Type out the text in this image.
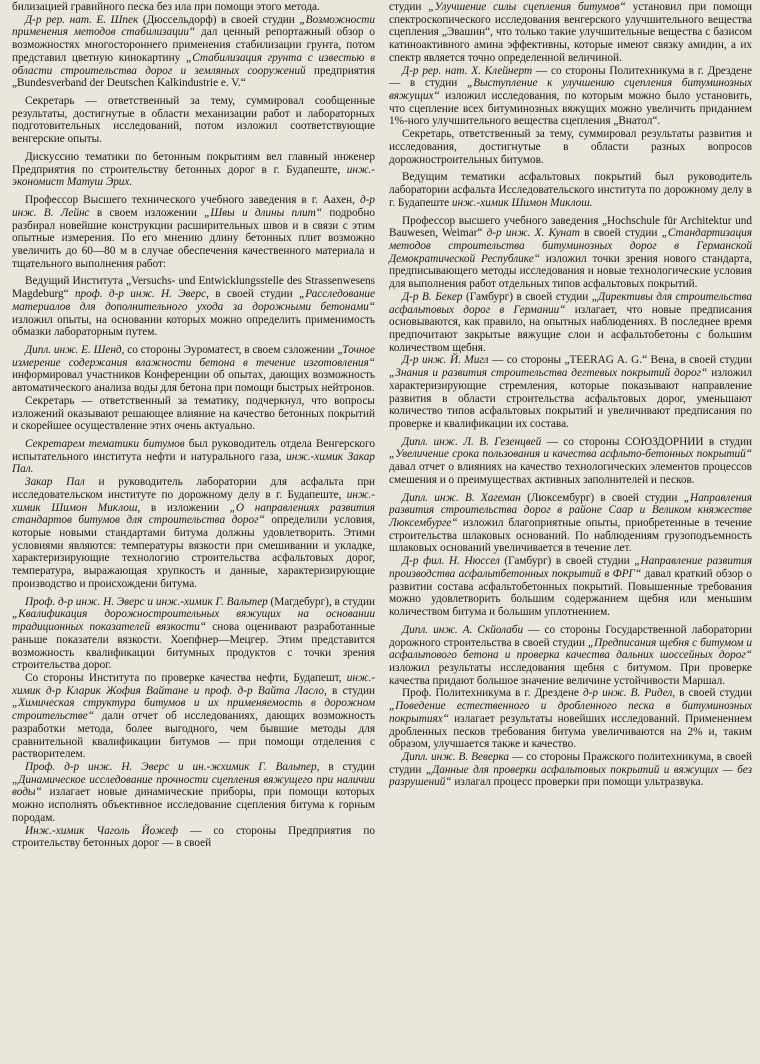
билизацией гравийного песка без ила при помощи этого метода.

Д-р рер. нат. Е. Шпек (Дюссельдорф) в своей студии „Возможности применения методов стабилизации“ дал ценный репортажный обзор о возможностях многостороннего применения стабилизации грунта, потом представил цветную кинокартину „Стабилизация грунта с известью в области строительства дорог и земляных сооружений предприятия „Bundesverband der Deutschen Kalkindustrie e. V.“

Секретарь — ответственный за тему, суммировал сообщенные результаты, достигнутые в области механизации работ и лабораторных подготовительных исследований, потом изложил соответствующие венгерские опыты.

Дискуссию тематики по бетонным покрытиям вел главный инженер Предприятия по строительству бетонных дорог в г. Будапеште, инж.-экономист Матуш Эрих.

Профессор Высшего технического учебного заведения в г. Аахен, д-р инж. В. Лейнс в своем изложении „Швы и длины плит“ подробно разбирал новейшие конструкции расширительных швов и в связи с этим опытные измерения. По его мнению длину бетонных плит возможно увеличить до 60—80 м в случае обеспечения качественного материала и тщательного выполнения работ:

Ведущий Института „Versuchs- und Entwicklungsstelle des Strassenwesens Magdeburg“ проф. д-р инж. Н. Эверс, в своей студии „Расследование материалов для дополнительного ухода за дорожными бетонами“ изложил опыты, на основании которых можно определить применимость обмазки лабораторным путем.

Дипл. инж. Е. Шенд, со стороны Эуроматест, в своем сзложении „Точное измерение содержания влажности бетона в течение изготовления“ информировал участников Конференции об опытах, дающих возможность автоматического анализа воды для бетона при помощи быстрых нейтронов.

Секретарь — ответственный за тематику, подчеркнул, что вопросы изложений оказывают решающее влияние на качество бетонных покрытий и скорейшее осуществление этих очень актуально.

Секретарем тематики битумов был руководитель отдела Венгерского испытательного института нефти и натурального газа, инж.-химик Закар Пал.

Закар Пал и руководитель лаборатории для асфальта при исследовательском институте по дорожному делу в г. Будапеште, инж.-химик Шимон Миклош, в изложении „О направлениях развития стандартов битумов для строительства дорог“ определили условия, которые новыми стандартами битума должны удовлетворить. Этими условиями являются: температуры вязкости при смешивании и укладке, характеризирующие технологию строительства асфальтовых дорог, температура, выражающая хрупкость и данные, характеризирующие производство и происхождени битума.

Проф. д-р инж. Н. Эверс и инж.-химик Г. Вальтер (Магдебург), в студии „Квалификация дорожностроительных вяжущих на основании традиционных показателей вязкости“ снова оценивают разработанные раньше показатели вязкости. Хоепфнер—Мецгер. Этим представится возможность квалификации битумных продуктов с точки зрения строительства дорог.

Со стороны Института по проверке качества нефти, Будапешт, инж.-химик д-р Кларик Жофия Вайтане и проф. д-р Вайта Ласло, в студии „Химическая структура битумов и их применяемость в дорожном строительстве“ дали отчет об исследованиях, дающих возможность разработки метода, более выгодного, чем бывшие методы для сравнительной квалификации битумов — при помощи отделения с растворителем.

Проф. д-р инж. Н. Эверс и ин.-жхимик Г. Вальтер, в студии „Динамическое исследование прочности сцепления вяжущего при наличии воды“ излагает новые динамические приборы, при помощи которых можно исполнять объективное исследование сцепления битума к горным породам.

Инж.-химик Чаголь Йожеф — со стороны Предприятия по строительству бетонных дорог — в своей

студии „Улучшение силы сцепления битумов“ установил при помощи спектроскопического исследования венгерского улучшительного вещества сцепления „Эвашин“, что только такие улучшительные вещества с базисом катиноактивного амина эффективны, которые имеют связку амидин, а их спектр является точно определенной величиной.

Д-р рер. нат. Х. Клейнерт — со стороны Политехникума в г. Дрездене — в студии „Выступление к улучшению сцепления битуминозных вяжущих“ изложил исследования, по которым можно было установить, что сцепление всех битуминозных вяжущих можно увеличить приданием 1%-ного улучшительного вещества сцепления „Внатол“.

Секретарь, ответственный за тему, суммировал результаты развития и исследования, достигнутые в области разных вопросов дорожностроительных битумов.

Ведущим тематики асфальтовых покрытий был руководитель лаборатории асфальта Исследовательского института по дорожному делу в г. Будапеште инж.-химик Шимон Миклош.

Профессор высшего учебного заведения „Hochschule für Architektur und Bauwesen, Weimar“ д-р инж. Х. Кунат в своей студии „Стандартизация методов строительства битуминозных дорог в Германской Демократической Республике“ изложил точки зрения нового стандарта, предписывающего методы исследования и новые технологические условия для выполнения работ отдельных типов асфальтовых покрытий.

Д-р В. Бекер (Гамбург) в своей студии „Директивы для строительства асфальтовых дорог в Германии“ излагает, что новые предписания основываются, как правило, на опытных наблюдениях. В последнее время предпочитают закрытые вяжущие слои и асфальтобетоны с большим количеством щебня.

Д-р инж. Й. Мигл — со стороны „TEERAG A. G.“ Вена, в своей студии „Знания и развития строительства дегтевых покрытий дорог“ изложил характеризирующие стремления, которые показывают направление развития в области строительства асфальтовых дорог, уменьшают количество типов асфальтовых покрытий и увеличивают предписания по проверке и квалификации их состава.

Дипл. инж. Л. В. Гезенцвей — со стороны СОЮЗДОРНИИ в студии „Увеличение срока пользования и качества асфльто-бетонных покрытий“ давал отчет о влияниях на качество технологических элементов процессов смешения и о преимуществах активных заполнителей и песков.

Дипл. инж. В. Хагеман (Люксембург) в своей студии „Направления развития строительства дорог в районе Саар и Великом княжестве Люксембурге“ изложил благоприятные опыты, приобретенные в течение строительства шлаковых оснований. По наблюдениям грузоподъемность шлаковых оснований увеличивается в течение лет.

Д-р фил. Н. Нюссел (Гамбург) в своей студии „Направление развития производства асфальтбетонных покрытий в ФРГ“ давал краткий обзор о развитии состава асфальтобетонных покрытий. Повышенные требования можно удовлетворить большим содержанием щебня или меньшим количеством битума и большим уплотнением.

Дипл. инж. А. Скйолаби — со стороны Государственной лаборатории дорожного строительства в своей студии „Предписания щебня с битумом и асфальтового бетона и проверка качества дальних шоссейных дорог“ изложил результаты исследования щебня с битумом. При проверке качества придают большое значение величине устойчивости Маршал.

Проф. Политехникума в г. Дрездене д-р инж. В. Ридел, в своей студии „Поведение естественного и дробленного песка в битуминозных покрытиях“ излагает результаты новейших исследований. Применением дробленных песков требования битума увеличиваются на 2% и, таким образом, улучшается также и качество.

Дипл. инж. В. Веверка — со стороны Пражского политехникума, в своей студии „Данные для проверки асфальтовых покрытий и вяжущих — без разрушений“ излагал процесс проверки при помощи ультразвука.
